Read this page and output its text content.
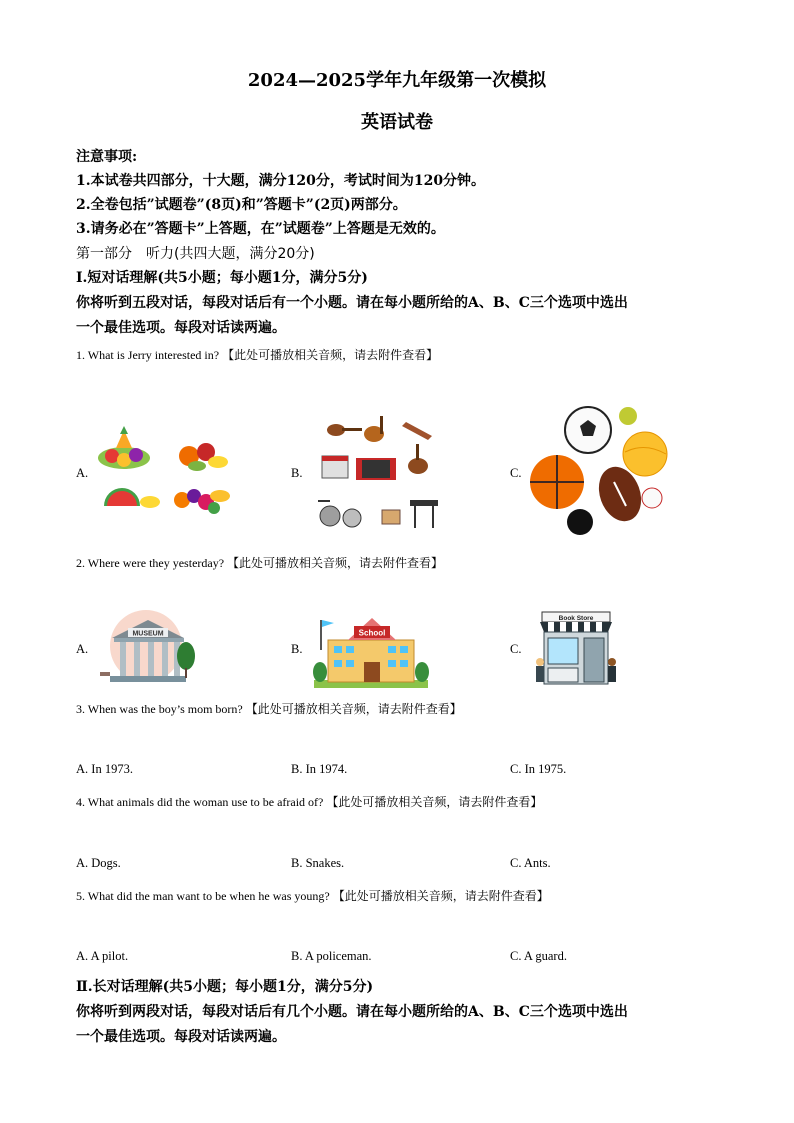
2024—2025学年九年级第一次模拟
英语试卷
注意事项:
1.本试卷共四部分，十大题，满分120分，考试时间为120分钟。
2.全卷包括”试题卷”(8页)和”答题卡”(2页)两部分。
3.请务必在”答题卡”上答题，在”试题卷”上答题是无效的。
第一部分　听力(共四大题，满分20分)
Ⅰ.短对话理解(共5小题；每小题1分，满分5分)
你将听到五段对话，每段对话后有一个小题。请在每小题所给的A、B、C三个选项中选出
一个最佳选项。每段对话读两遍。
1. What is Jerry interested in? 【此处可播放相关音频，请去附件查看】
A.	B.	C.
2. Where were they yesterday? 【此处可播放相关音频，请去附件查看】
A.	B.	C.
MUSEUM	School
Book Store
3. When was the boy’s mom born? 【此处可播放相关音频，请去附件查看】
A. In 1973.	B. In 1974.	C. In 1975.
4. What animals did the woman use to be afraid of? 【此处可播放相关音频，请去附件查看】
A. Dogs.	B. Snakes.	C. Ants.
5. What did the man want to be when he was young? 【此处可播放相关音频，请去附件查看】
A. A pilot.	B. A policeman.	C. A guard.
Ⅱ.长对话理解(共5小题；每小题1分，满分5分)
你将听到两段对话，每段对话后有几个小题。请在每小题所给的A、B、C三个选项中选出
一个最佳选项。每段对话读两遍。
